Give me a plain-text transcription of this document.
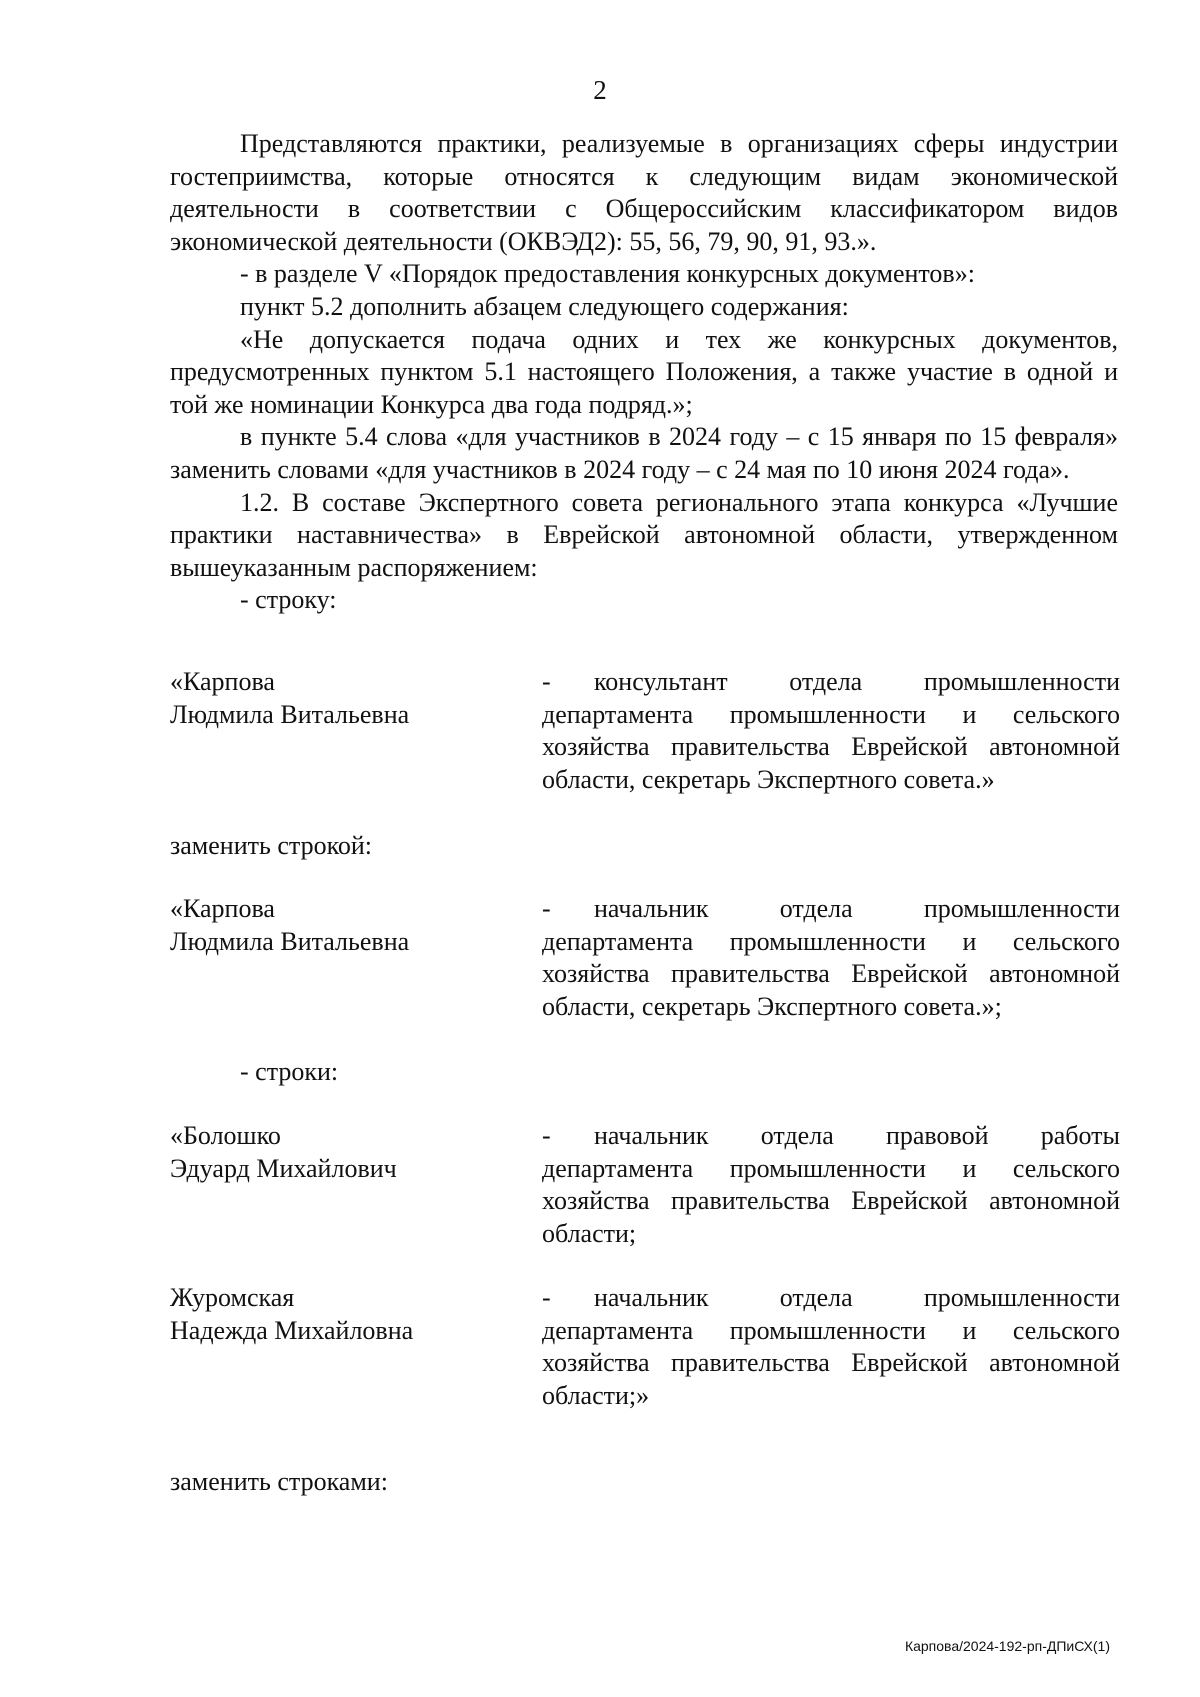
2

Представляются практики, реализуемые в организациях сферы индустрии гостеприимства, которые относятся к следующим видам экономической деятельности в соответствии с Общероссийским классификатором видов экономической деятельности (ОКВЭД2): 55, 56, 79, 90, 91, 93.».

- в разделе V «Порядок предоставления конкурсных документов»:

пункт 5.2 дополнить абзацем следующего содержания:

«Не допускается подача одних и тех же конкурсных документов, предусмотренных пунктом 5.1 настоящего Положения, а также участие в одной и той же номинации Конкурса два года подряд.»;

в пункте 5.4 слова «для участников в 2024 году – с 15 января по 15 февраля» заменить словами «для участников в 2024 году – с 24 мая по 10 июня 2024 года».

1.2. В составе Экспертного совета регионального этапа конкурса «Лучшие практики наставничества» в Еврейской автономной области, утвержденном вышеуказанным распоряжением:

- строку:

«Карпова
Людмила Витальевна
- консультант отдела промышленности департамента промышленности и сельского хозяйства правительства Еврейской автономной области, секретарь Экспертного совета.»
заменить строкой:
«Карпова
Людмила Витальевна
- начальник отдела промышленности департамента промышленности и сельского хозяйства правительства Еврейской автономной области, секретарь Экспертного совета.»;
- строки:
«Болошко
Эдуард Михайлович
- начальник отдела правовой работы департамента промышленности и сельского хозяйства правительства Еврейской автономной области;
Журомская
Надежда Михайловна
- начальник отдела промышленности департамента промышленности и сельского хозяйства правительства Еврейской автономной области;»
заменить строками:
Карпова/2024-192-рп-ДПиСХ(1)
